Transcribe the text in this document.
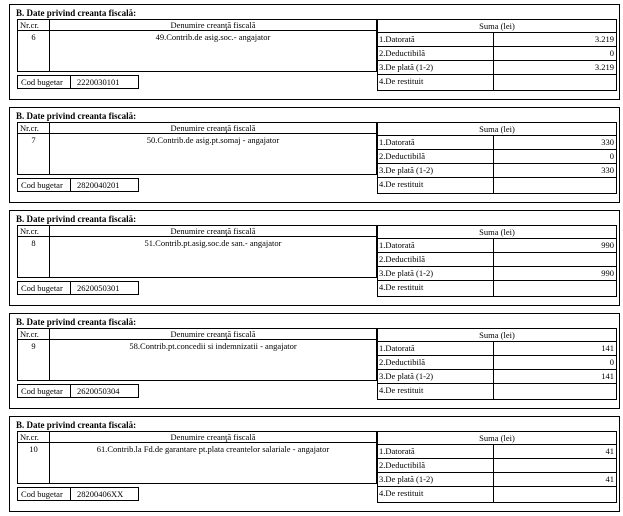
B. Date privind creanta fiscală:
Nr.cr.	Denumire creanţă fiscală
6	49.Contrib.de asig.soc.- angajator
Cod bugetar	2220030101
Suma (lei)
1.Datorată	3.219
2.Deductibilă	0
3.De plată (1-2)	3.219
4.De restituit
B. Date privind creanta fiscală:
Nr.cr.	Denumire creanţă fiscală
7	50.Contrib.de asig.pt.somaj - angajator
Cod bugetar	2820040201
Suma (lei)
1.Datorată	330
2.Deductibilă	0
3.De plată (1-2)	330
4.De restituit
B. Date privind creanta fiscală:
Nr.cr.	Denumire creanţă fiscală
8	51.Contrib.pt.asig.soc.de san.- angajator
Cod bugetar	2620050301
Suma (lei)
1.Datorată	990
2.Deductibilă
3.De plată (1-2)	990
4.De restituit
B. Date privind creanta fiscală:
Nr.cr.	Denumire creanţă fiscală
9	58.Contrib.pt.concedii si indemnizatii - angajator
Cod bugetar	2620050304
Suma (lei)
1.Datorată	141
2.Deductibilă	0
3.De plată (1-2)	141
4.De restituit
B. Date privind creanta fiscală:
Nr.cr.	Denumire creanţă fiscală
10	61.Contrib.la Fd.de garantare pt.plata creantelor salariale - angajator
Cod bugetar	28200406XX
Suma (lei)
1.Datorată	41
2.Deductibilă
3.De plată (1-2)	41
4.De restituit
